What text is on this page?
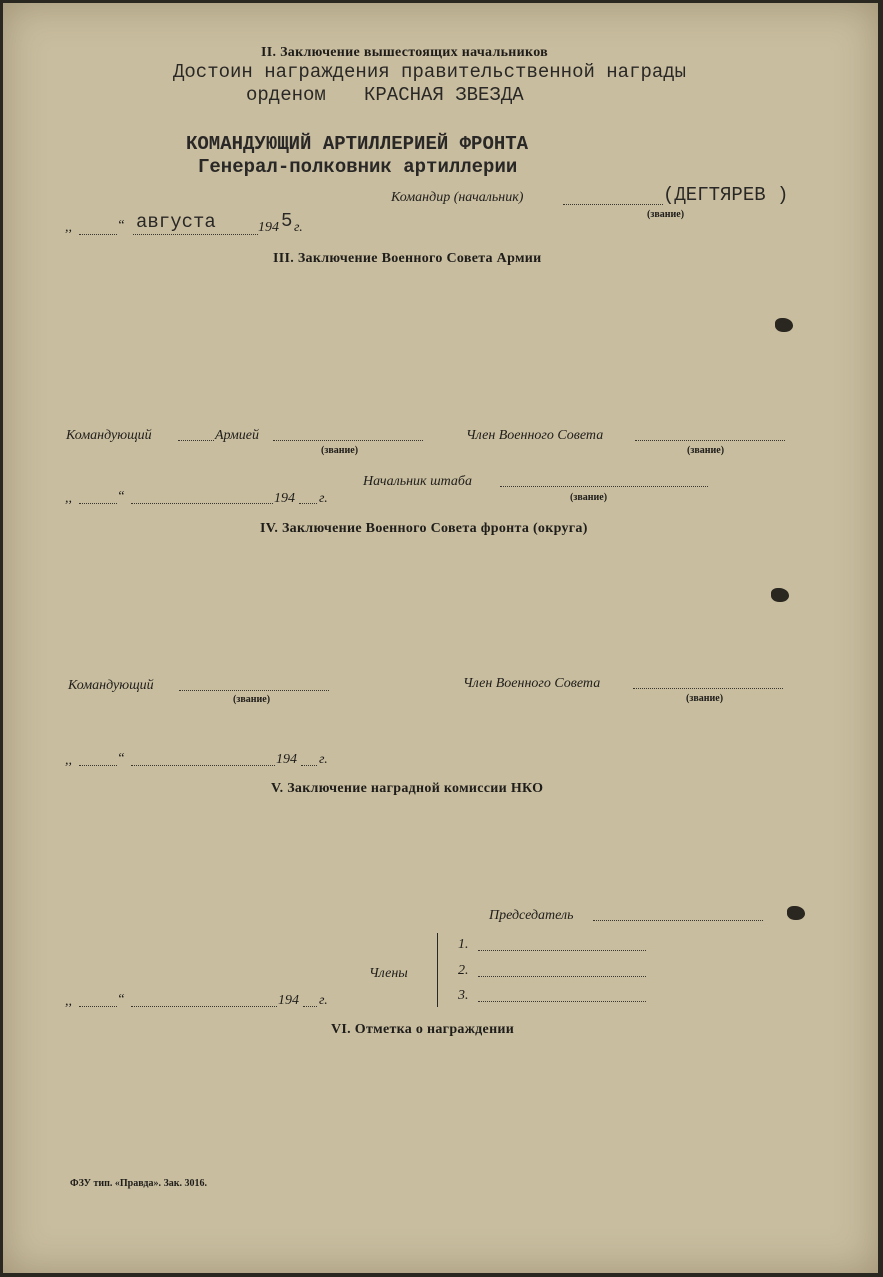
II. Заключение вышестоящих начальников
Достоин награждения правительственной награды
орденом КРАСНАЯ ЗВЕЗДА
КОМАНДУЮЩИЙ АРТИЛЛЕРИЕЙ ФРОНТА
Генерал-полковник артиллерии
Командир (начальник)	(ДЕГТЯРЕВ )
(звание)
,,	“ августа	194 5 г.
III. Заключение Военного Совета Армии
Командующий	Армией
(звание)
Член Военного Совета
(звание)
Начальник штаба
(звание)
,,	“	194 г.
IV. Заключение Военного Совета фронта (округа)
Командующий
(звание)
Член Военного Совета
(звание)
,,	“	194 г.
V. Заключение наградной комиссии НКО
Председатель
Члены
1.
2.
3.
,,	“	194 г.
VI. Отметка о награждении
ФЗУ тип. «Правда». Зак. 3016.
